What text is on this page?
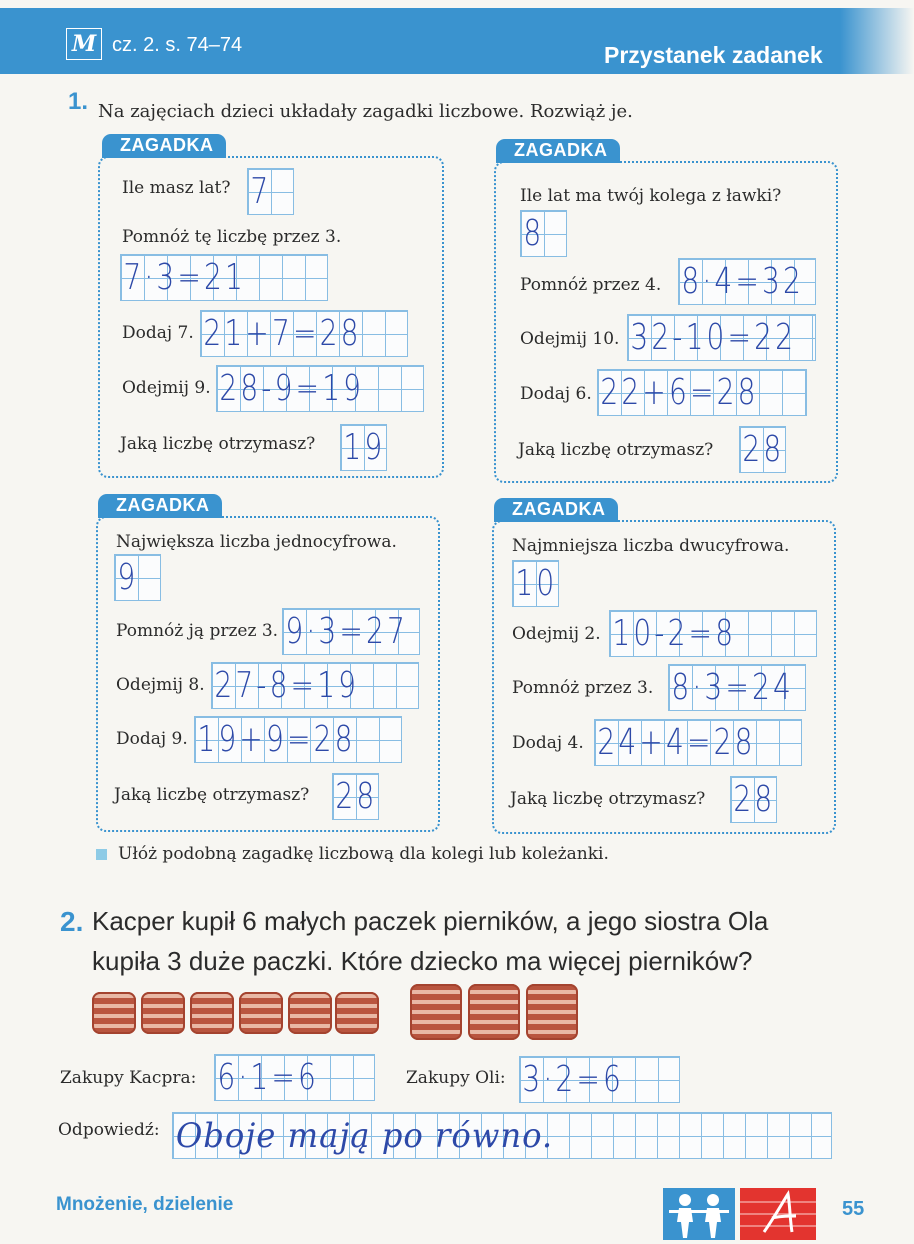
M cz. 2. s. 74–74	Przystanek zadanek
1. Na zajęciach dzieci układały zagadki liczbowe. Rozwiąż je.
ZAGADKA
Ile masz lat? 7
Pomnóż tę liczbę przez 3.
7·3=21
Dodaj 7. 21+7=28
Odejmij 9. 28-9=19
Jaką liczbę otrzymasz? 19
ZAGADKA
Ile lat ma twój kolega z ławki?
8
Pomnóż przez 4. 8·4=32
Odejmij 10. 32-10=22
Dodaj 6. 22+6=28
Jaką liczbę otrzymasz? 28
ZAGADKA
Największa liczba jednocyfrowa.
9
Pomnóż ją przez 3. 9·3=27
Odejmij 8. 27-8=19
Dodaj 9. 19+9=28
Jaką liczbę otrzymasz? 28
ZAGADKA
Najmniejsza liczba dwucyfrowa.
10
Odejmij 2. 10-2=8
Pomnóż przez 3. 8·3=24
Dodaj 4. 24+4=28
Jaką liczbę otrzymasz? 28
Ułóż podobną zagadkę liczbową dla kolegi lub koleżanki.
2. Kacper kupił 6 małych paczek pierników, a jego siostra Ola
kupiła 3 duże paczki. Które dziecko ma więcej pierników?
Zakupy Kacpra: 6·1=6	Zakupy Oli: 3·2=6
Odpowiedź: Oboje mają po równo.
Mnożenie, dzielenie	55
